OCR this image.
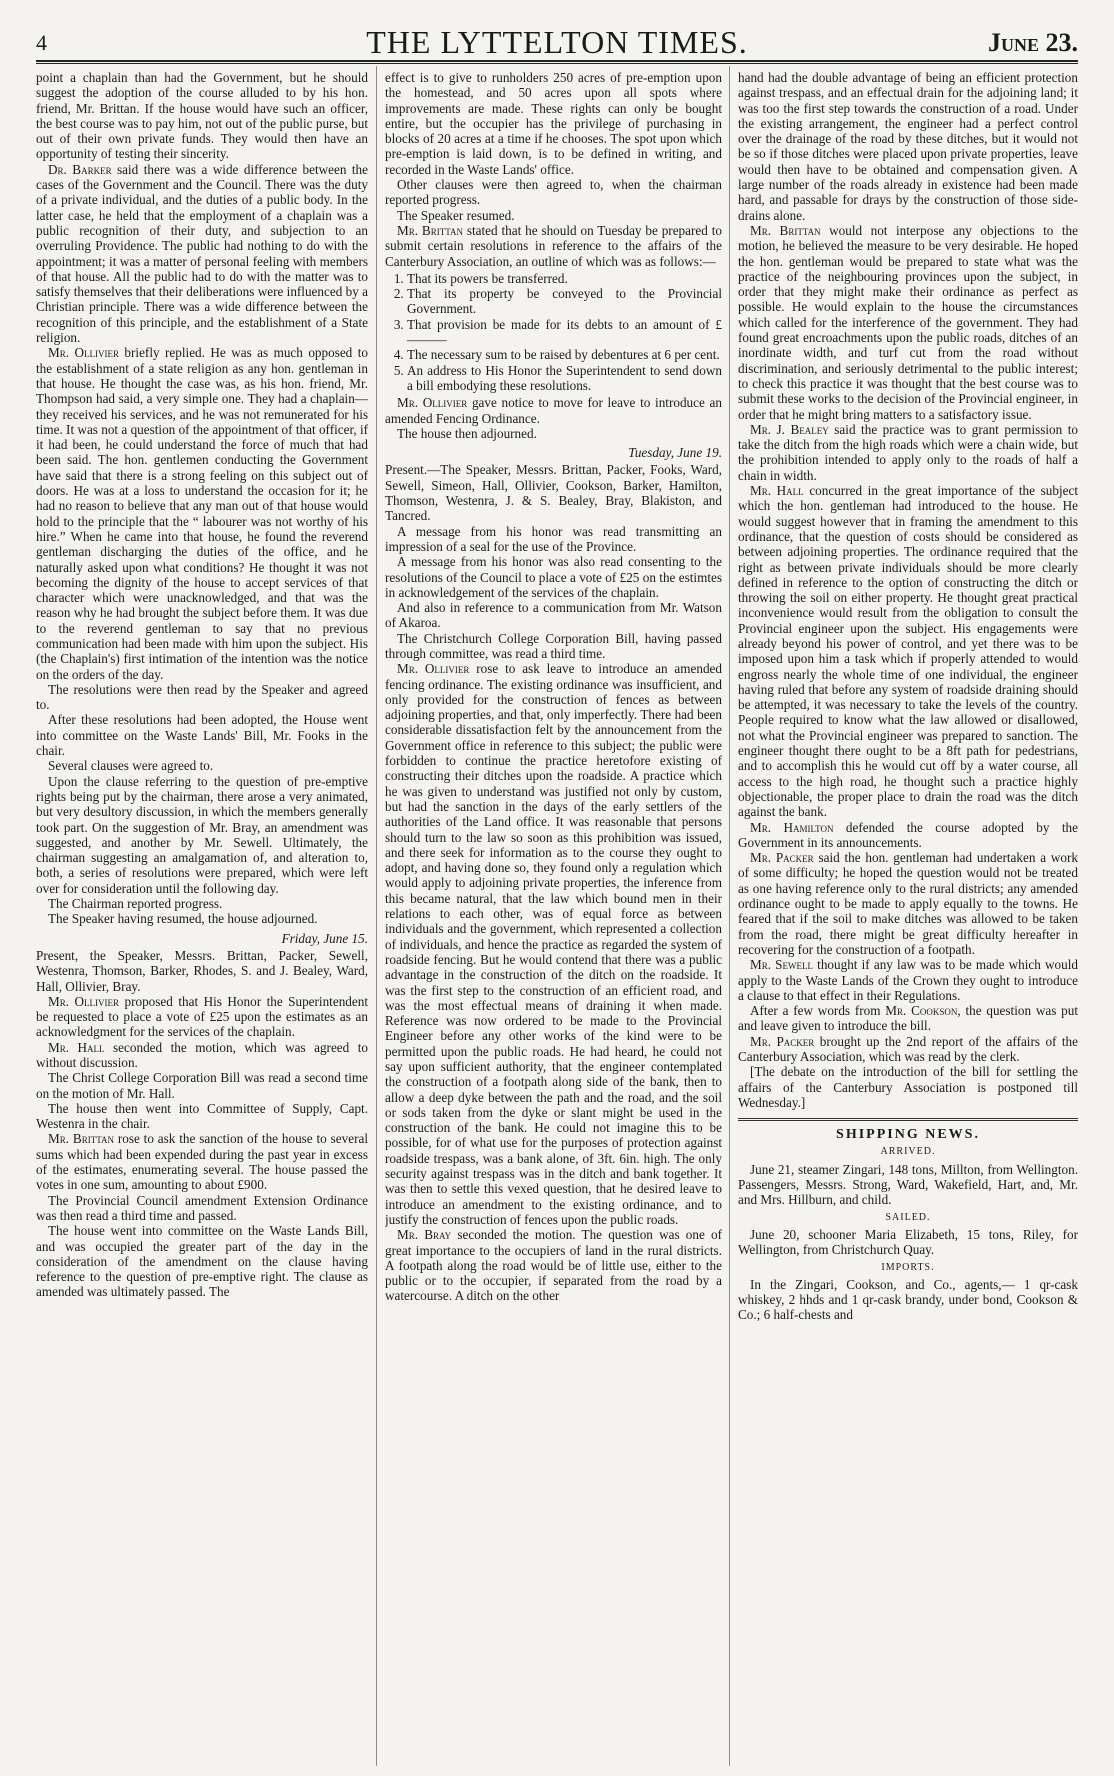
4	THE LYTTELTON TIMES.	June 23.

point a chaplain than had the Government, but he should suggest the adoption of the course alluded to by his hon. friend, Mr. Brittan. If the house would have such an officer, the best course was to pay him, not out of the public purse, but out of their own private funds. They would then have an opportunity of testing their sincerity.

Dr. Barker said there was a wide difference between the cases of the Government and the Council. There was the duty of a private individual, and the duties of a public body. In the latter case, he held that the employment of a chaplain was a public recognition of their duty, and subjection to an overruling Providence. The public had nothing to do with the appointment; it was a matter of personal feeling with members of that house. All the public had to do with the matter was to satisfy themselves that their deliberations were influenced by a Christian principle. There was a wide difference between the recognition of this principle, and the establishment of a State religion.

Mr. Ollivier briefly replied. He was as much opposed to the establishment of a state religion as any hon. gentleman in that house. He thought the case was, as his hon. friend, Mr. Thompson had said, a very simple one. They had a chaplain—they received his services, and he was not remunerated for his time. It was not a question of the appointment of that officer, if it had been, he could understand the force of much that had been said. The hon. gentlemen conducting the Government have said that there is a strong feeling on this subject out of doors. He was at a loss to understand the occasion for it; he had no reason to believe that any man out of that house would hold to the principle that the “ labourer was not worthy of his hire.” When he came into that house, he found the reverend gentleman discharging the duties of the office, and he naturally asked upon what conditions? He thought it was not becoming the dignity of the house to accept services of that character which were unacknowledged, and that was the reason why he had brought the subject before them. It was due to the reverend gentleman to say that no previous communication had been made with him upon the subject. His (the Chaplain's) first intimation of the intention was the notice on the orders of the day.

The resolutions were then read by the Speaker and agreed to.

After these resolutions had been adopted, the House went into committee on the Waste Lands' Bill, Mr. Fooks in the chair.

Several clauses were agreed to.

Upon the clause referring to the question of pre-emptive rights being put by the chairman, there arose a very animated, but very desultory discussion, in which the members generally took part. On the suggestion of Mr. Bray, an amendment was suggested, and another by Mr. Sewell. Ultimately, the chairman suggesting an amalgamation of, and alteration to, both, a series of resolutions were prepared, which were left over for consideration until the following day.

The Chairman reported progress.

The Speaker having resumed, the house adjourned.

Friday, June 15.

Present, the Speaker, Messrs. Brittan, Packer, Sewell, Westenra, Thomson, Barker, Rhodes, S. and J. Bealey, Ward, Hall, Ollivier, Bray.

Mr. Ollivier proposed that His Honor the Superintendent be requested to place a vote of £25 upon the estimates as an acknowledgment for the services of the chaplain.

Mr. Hall seconded the motion, which was agreed to without discussion.

The Christ College Corporation Bill was read a second time on the motion of Mr. Hall.

The house then went into Committee of Supply, Capt. Westenra in the chair.

Mr. Brittan rose to ask the sanction of the house to several sums which had been expended during the past year in excess of the estimates, enumerating several. The house passed the votes in one sum, amounting to about £900.

The Provincial Council amendment Extension Ordinance was then read a third time and passed.

The house went into committee on the Waste Lands Bill, and was occupied the greater part of the day in the consideration of the amendment on the clause having reference to the question of pre-emptive right. The clause as amended was ultimately passed. The

effect is to give to runholders 250 acres of pre-emption upon the homestead, and 50 acres upon all spots where improvements are made. These rights can only be bought entire, but the occupier has the privilege of purchasing in blocks of 20 acres at a time if he chooses. The spot upon which pre-emption is laid down, is to be defined in writing, and recorded in the Waste Lands' office.

Other clauses were then agreed to, when the chairman reported progress.

The Speaker resumed.

Mr. Brittan stated that he should on Tuesday be prepared to submit certain resolutions in reference to the affairs of the Canterbury Association, an outline of which was as follows:—

1. That its powers be transferred.
2. That its property be conveyed to the Provincial Government.
3. That provision be made for its debts to an amount of £———
4. The necessary sum to be raised by debentures at 6 per cent.
5. An address to His Honor the Superintendent to send down a bill embodying these resolutions.

Mr. Ollivier gave notice to move for leave to introduce an amended Fencing Ordinance.

The house then adjourned.

Tuesday, June 19.

Present.—The Speaker, Messrs. Brittan, Packer, Fooks, Ward, Sewell, Simeon, Hall, Ollivier, Cookson, Barker, Hamilton, Thomson, Westenra, J. & S. Bealey, Bray, Blakiston, and Tancred.

A message from his honor was read transmitting an impression of a seal for the use of the Province.

A message from his honor was also read consenting to the resolutions of the Council to place a vote of £25 on the estimtes in acknowledgement of the services of the chaplain.

And also in reference to a communication from Mr. Watson of Akaroa.

The Christchurch College Corporation Bill, having passed through committee, was read a third time.

Mr. Ollivier rose to ask leave to introduce an amended fencing ordinance. The existing ordinance was insufficient, and only provided for the construction of fences as between adjoining properties, and that, only imperfectly. There had been considerable dissatisfaction felt by the announcement from the Government office in reference to this subject; the public were forbidden to continue the practice heretofore existing of constructing their ditches upon the roadside. A practice which he was given to understand was justified not only by custom, but had the sanction in the days of the early settlers of the authorities of the Land office. It was reasonable that persons should turn to the law so soon as this prohibition was issued, and there seek for information as to the course they ought to adopt, and having done so, they found only a regulation which would apply to adjoining private properties, the inference from this became natural, that the law which bound men in their relations to each other, was of equal force as between individuals and the government, which represented a collection of individuals, and hence the practice as regarded the system of roadside fencing. But he would contend that there was a public advantage in the construction of the ditch on the roadside. It was the first step to the construction of an efficient road, and was the most effectual means of draining it when made. Reference was now ordered to be made to the Provincial Engineer before any other works of the kind were to be permitted upon the public roads. He had heard, he could not say upon sufficient authority, that the engineer contemplated the construction of a footpath along side of the bank, then to allow a deep dyke between the path and the road, and the soil or sods taken from the dyke or slant might be used in the construction of the bank. He could not imagine this to be possible, for of what use for the purposes of protection against roadside trespass, was a bank alone, of 3ft. 6in. high. The only security against trespass was in the ditch and bank together. It was then to settle this vexed question, that he desired leave to introduce an amendment to the existing ordinance, and to justify the construction of fences upon the public roads.

Mr. Bray seconded the motion. The question was one of great importance to the occupiers of land in the rural districts. A footpath along the road would be of little use, either to the public or to the occupier, if separated from the road by a watercourse. A ditch on the other

hand had the double advantage of being an efficient protection against trespass, and an effectual drain for the adjoining land; it was too the first step towards the construction of a road. Under the existing arrangement, the engineer had a perfect control over the drainage of the road by these ditches, but it would not be so if those ditches were placed upon private properties, leave would then have to be obtained and compensation given. A large number of the roads already in existence had been made hard, and passable for drays by the construction of those side-drains alone.

Mr. Brittan would not interpose any objections to the motion, he believed the measure to be very desirable. He hoped the hon. gentleman would be prepared to state what was the practice of the neighbouring provinces upon the subject, in order that they might make their ordinance as perfect as possible. He would explain to the house the circumstances which called for the interference of the government. They had found great encroachments upon the public roads, ditches of an inordinate width, and turf cut from the road without discrimination, and seriously detrimental to the public interest; to check this practice it was thought that the best course was to submit these works to the decision of the Provincial engineer, in order that he might bring matters to a satisfactory issue.

Mr. J. Bealey said the practice was to grant permission to take the ditch from the high roads which were a chain wide, but the prohibition intended to apply only to the roads of half a chain in width.

Mr. Hall concurred in the great importance of the subject which the hon. gentleman had introduced to the house. He would suggest however that in framing the amendment to this ordinance, that the question of costs should be considered as between adjoining properties. The ordinance required that the right as between private individuals should be more clearly defined in reference to the option of constructing the ditch or throwing the soil on either property. He thought great practical inconvenience would result from the obligation to consult the Provincial engineer upon the subject. His engagements were already beyond his power of control, and yet there was to be imposed upon him a task which if properly attended to would engross nearly the whole time of one individual, the engineer having ruled that before any system of roadside draining should be attempted, it was necessary to take the levels of the country. People required to know what the law allowed or disallowed, not what the Provincial engineer was prepared to sanction. The engineer thought there ought to be a 8ft path for pedestrians, and to accomplish this he would cut off by a water course, all access to the high road, he thought such a practice highly objectionable, the proper place to drain the road was the ditch against the bank.

Mr. Hamilton defended the course adopted by the Government in its announcements.

Mr. Packer said the hon. gentleman had undertaken a work of some difficulty; he hoped the question would not be treated as one having reference only to the rural districts; any amended ordinance ought to be made to apply equally to the towns. He feared that if the soil to make ditches was allowed to be taken from the road, there might be great difficulty hereafter in recovering for the construction of a footpath.

Mr. Sewell thought if any law was to be made which would apply to the Waste Lands of the Crown they ought to introduce a clause to that effect in their Regulations.

After a few words from Mr. Cookson, the question was put and leave given to introduce the bill.

Mr. Packer brought up the 2nd report of the affairs of the Canterbury Association, which was read by the clerk.

[The debate on the introduction of the bill for settling the affairs of the Canterbury Association is postponed till Wednesday.]

SHIPPING NEWS.

ARRIVED.

June 21, steamer Zingari, 148 tons, Millton, from Wellington. Passengers, Messrs. Strong, Ward, Wakefield, Hart, and, Mr. and Mrs. Hillburn, and child.

SAILED.

June 20, schooner Maria Elizabeth, 15 tons, Riley, for Wellington, from Christchurch Quay.

IMPORTS.

In the Zingari, Cookson, and Co., agents,— 1 qr-cask whiskey, 2 hhds and 1 qr-cask brandy, under bond, Cookson & Co.; 6 half-chests and
